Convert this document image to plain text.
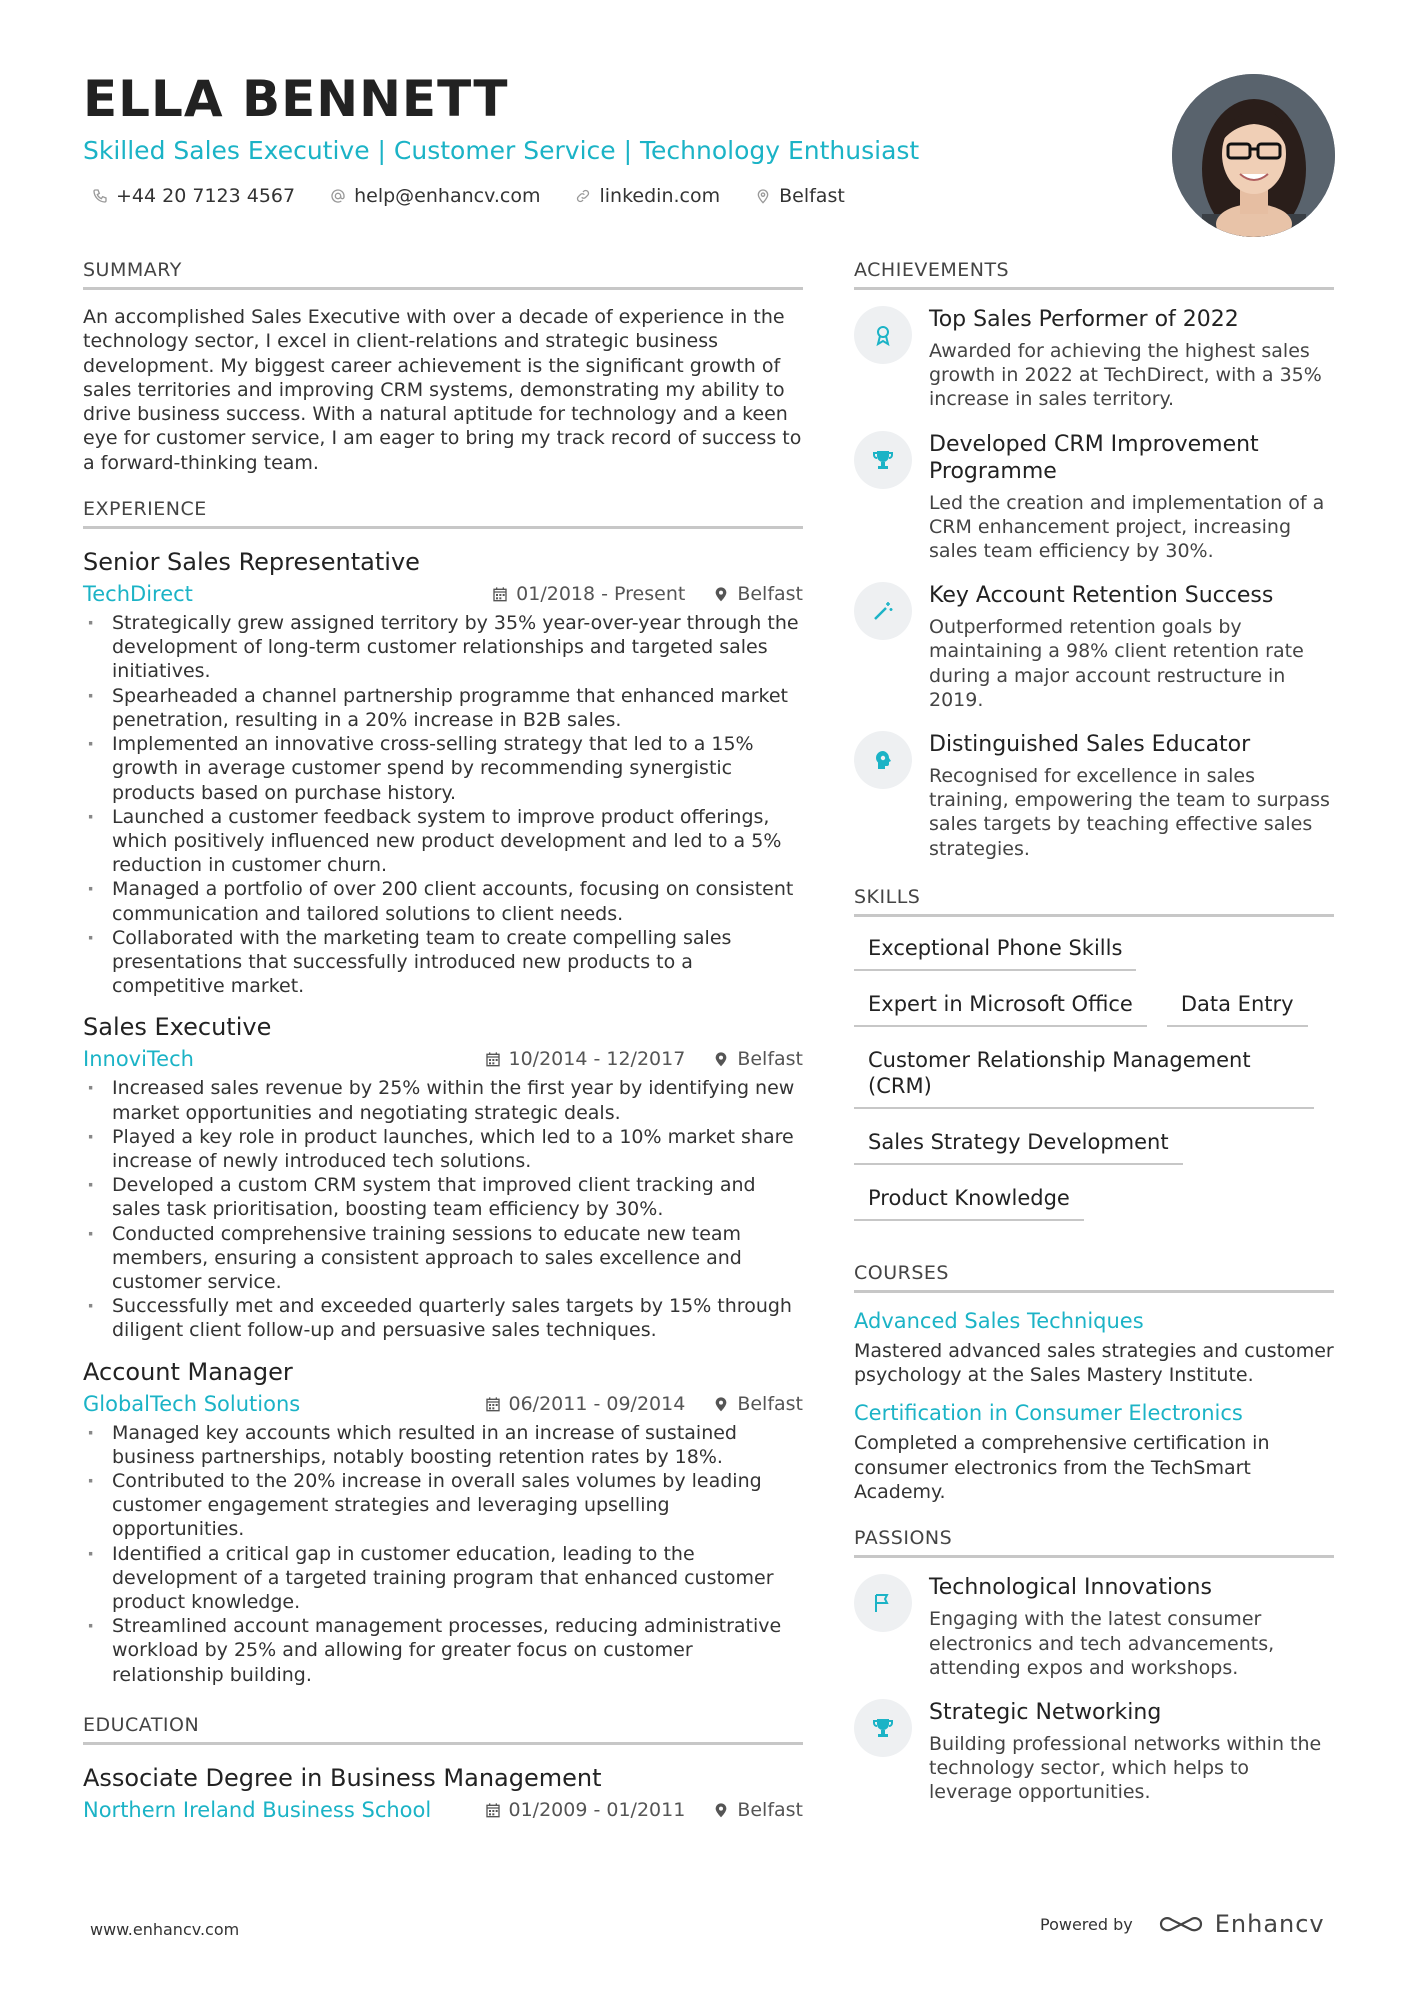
ELLA BENNETT
Skilled Sales Executive | Customer Service | Technology Enthusiast
+44 20 7123 4567	help@enhancv.com	linkedin.com	Belfast
SUMMARY
An accomplished Sales Executive with over a decade of experience in the technology sector, I excel in client-relations and strategic business development. My biggest career achievement is the significant growth of sales territories and improving CRM systems, demonstrating my ability to drive business success. With a natural aptitude for technology and a keen eye for customer service, I am eager to bring my track record of success to a forward-thinking team.
EXPERIENCE
Senior Sales Representative
TechDirect	01/2018 - Present	Belfast
· Strategically grew assigned territory by 35% year-over-year through the development of long-term customer relationships and targeted sales initiatives.
· Spearheaded a channel partnership programme that enhanced market penetration, resulting in a 20% increase in B2B sales.
· Implemented an innovative cross-selling strategy that led to a 15% growth in average customer spend by recommending synergistic products based on purchase history.
· Launched a customer feedback system to improve product offerings, which positively influenced new product development and led to a 5% reduction in customer churn.
· Managed a portfolio of over 200 client accounts, focusing on consistent communication and tailored solutions to client needs.
· Collaborated with the marketing team to create compelling sales presentations that successfully introduced new products to a competitive market.
Sales Executive
InnoviTech	10/2014 - 12/2017	Belfast
· Increased sales revenue by 25% within the first year by identifying new market opportunities and negotiating strategic deals.
· Played a key role in product launches, which led to a 10% market share increase of newly introduced tech solutions.
· Developed a custom CRM system that improved client tracking and sales task prioritisation, boosting team efficiency by 30%.
· Conducted comprehensive training sessions to educate new team members, ensuring a consistent approach to sales excellence and customer service.
· Successfully met and exceeded quarterly sales targets by 15% through diligent client follow-up and persuasive sales techniques.
Account Manager
GlobalTech Solutions	06/2011 - 09/2014	Belfast
· Managed key accounts which resulted in an increase of sustained business partnerships, notably boosting retention rates by 18%.
· Contributed to the 20% increase in overall sales volumes by leading customer engagement strategies and leveraging upselling opportunities.
· Identified a critical gap in customer education, leading to the development of a targeted training program that enhanced customer product knowledge.
· Streamlined account management processes, reducing administrative workload by 25% and allowing for greater focus on customer relationship building.
EDUCATION
Associate Degree in Business Management
Northern Ireland Business School	01/2009 - 01/2011	Belfast
ACHIEVEMENTS
Top Sales Performer of 2022
Awarded for achieving the highest sales growth in 2022 at TechDirect, with a 35% increase in sales territory.
Developed CRM Improvement Programme
Led the creation and implementation of a CRM enhancement project, increasing sales team efficiency by 30%.
Key Account Retention Success
Outperformed retention goals by maintaining a 98% client retention rate during a major account restructure in 2019.
Distinguished Sales Educator
Recognised for excellence in sales training, empowering the team to surpass sales targets by teaching effective sales strategies.
SKILLS
Exceptional Phone Skills
Expert in Microsoft Office	Data Entry
Customer Relationship Management (CRM)
Sales Strategy Development
Product Knowledge
COURSES
Advanced Sales Techniques
Mastered advanced sales strategies and customer psychology at the Sales Mastery Institute.
Certification in Consumer Electronics
Completed a comprehensive certification in consumer electronics from the TechSmart Academy.
PASSIONS
Technological Innovations
Engaging with the latest consumer electronics and tech advancements, attending expos and workshops.
Strategic Networking
Building professional networks within the technology sector, which helps to leverage opportunities.
www.enhancv.com	Powered by	Enhancv
